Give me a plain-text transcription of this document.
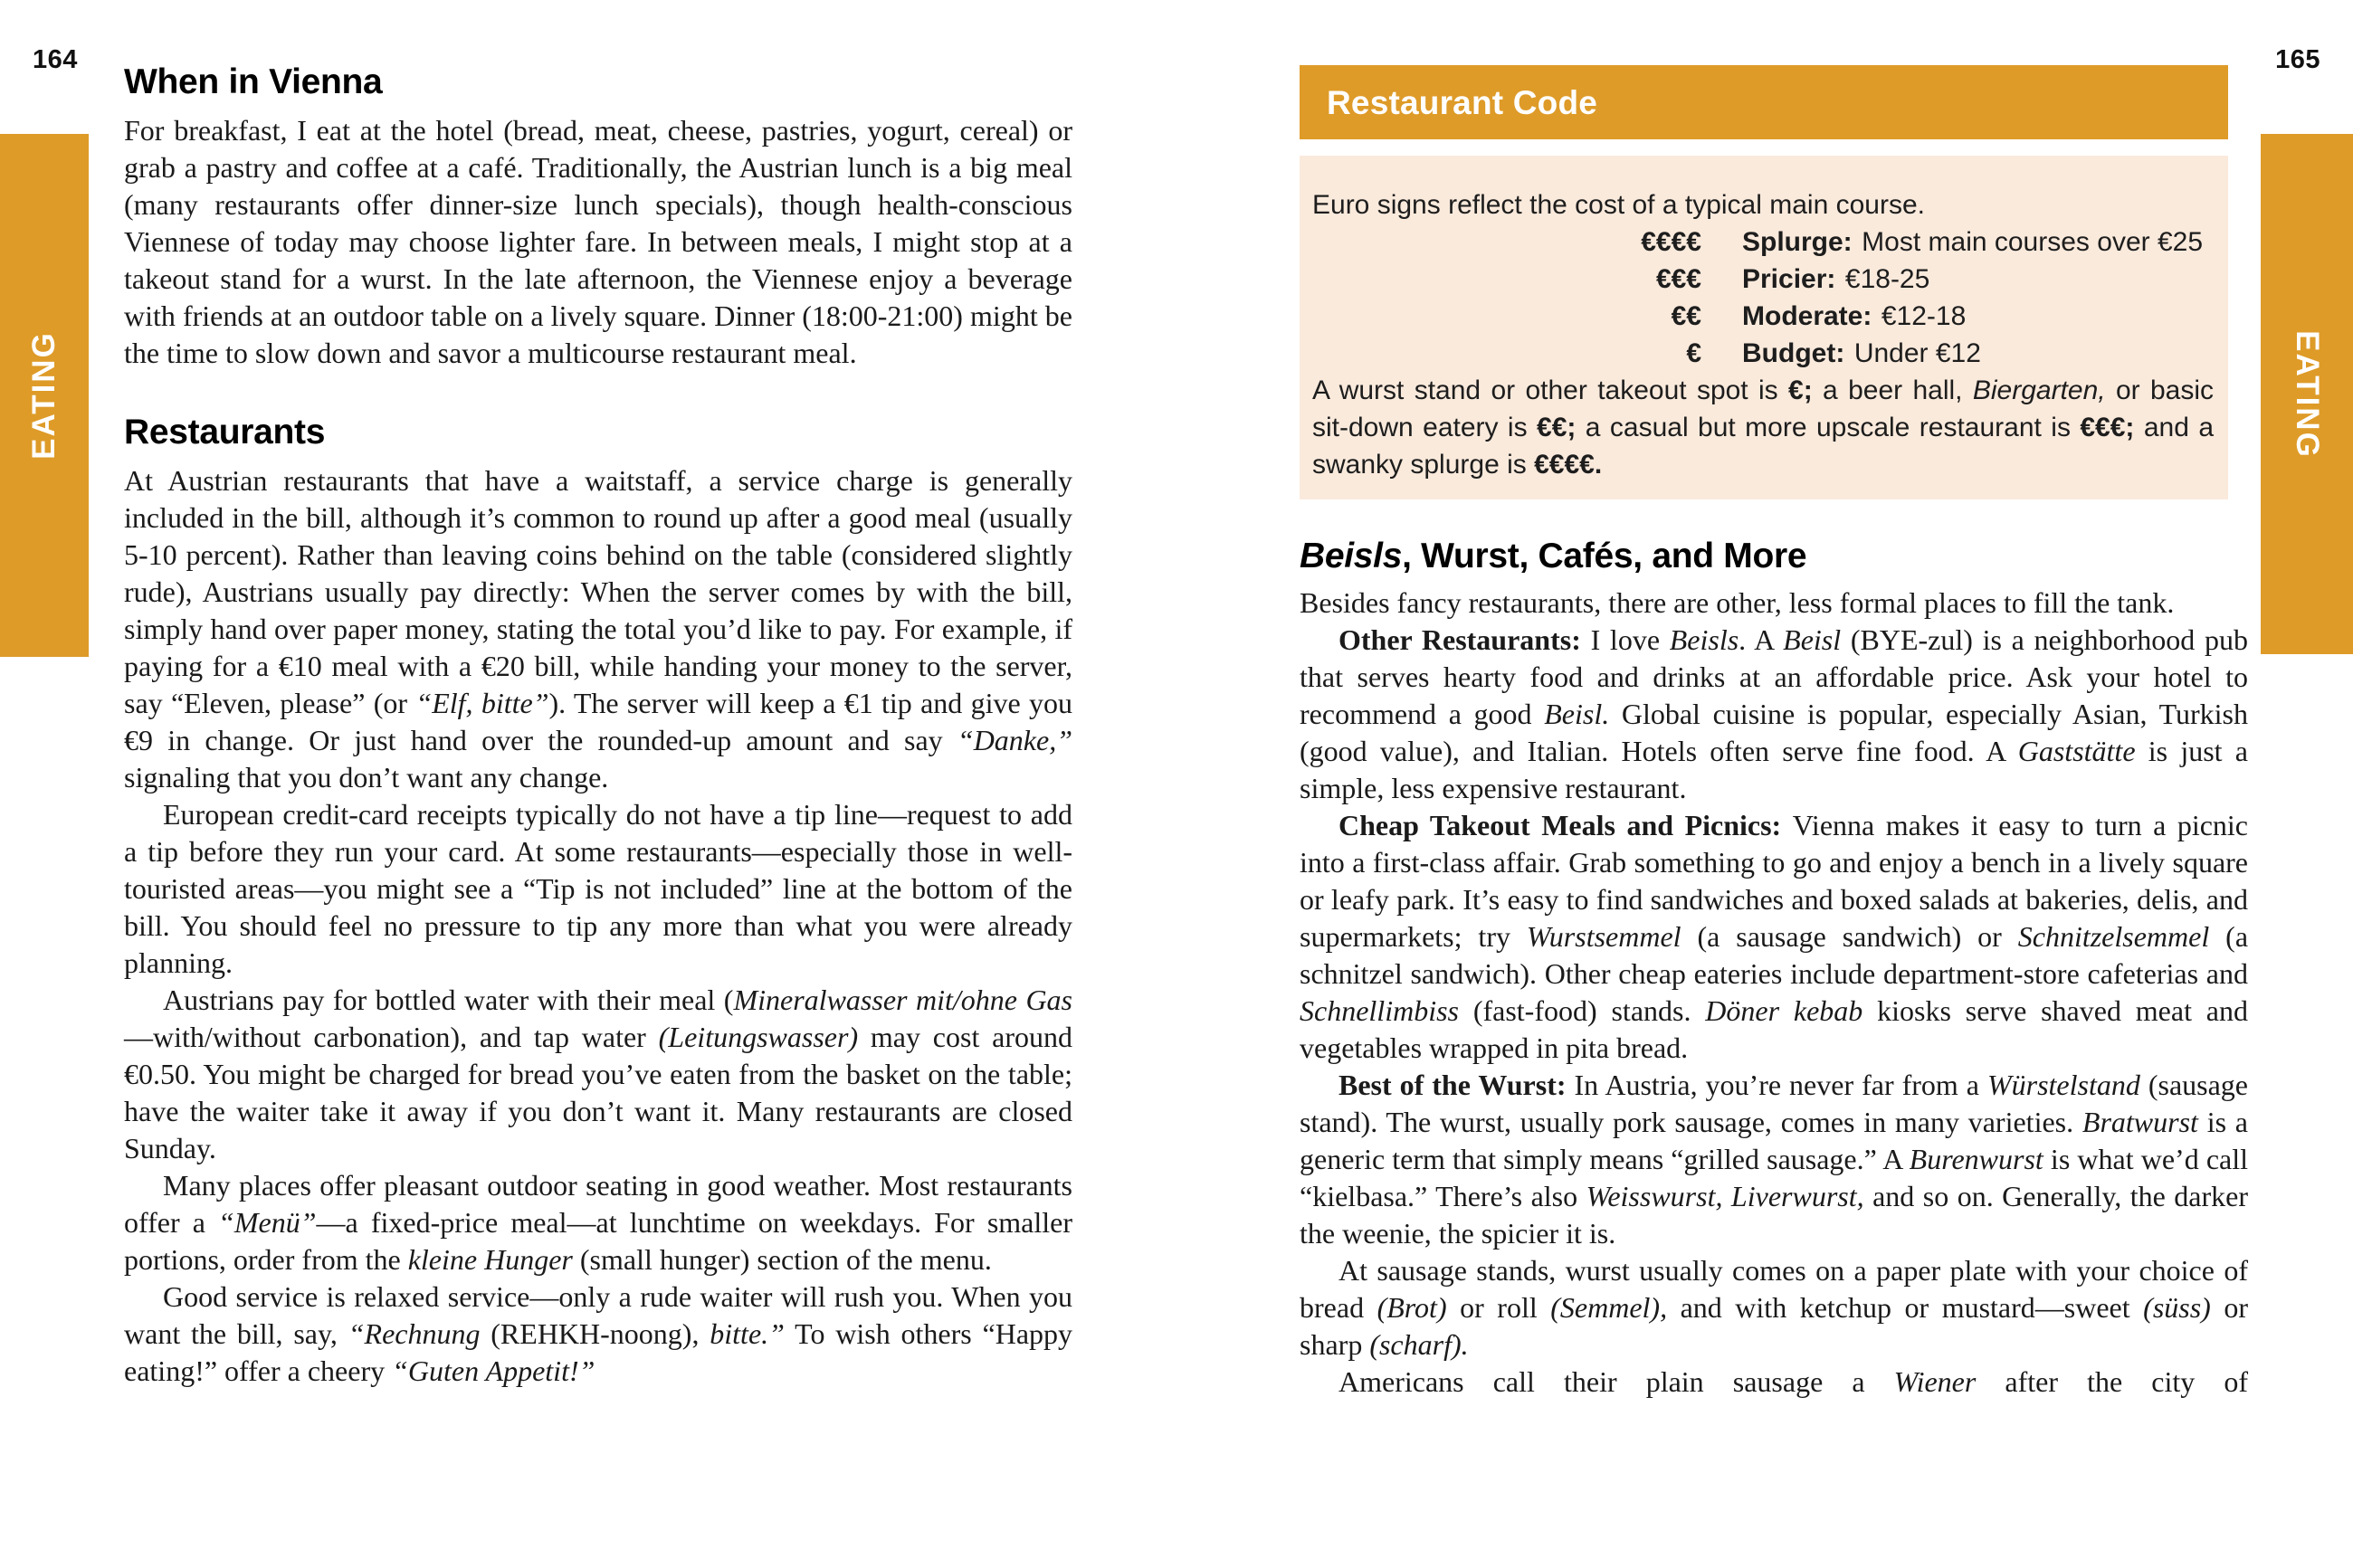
164	165
EATING	EATING
When in Vienna

For breakfast, I eat at the hotel (bread, meat, cheese, pastries, yogurt, cereal) or grab a pastry and coffee at a café. Traditionally, the Austrian lunch is a big meal (many restaurants offer dinner-size lunch specials), though health-conscious Viennese of today may choose lighter fare. In between meals, I might stop at a takeout stand for a wurst. In the late afternoon, the Viennese enjoy a beverage with friends at an outdoor table on a lively square. Dinner (18:00-21:00) might be the time to slow down and savor a multicourse restaurant meal.

Restaurants

At Austrian restaurants that have a waitstaff, a service charge is generally included in the bill, although it’s common to round up after a good meal (usually 5-10 percent). Rather than leaving coins behind on the table (considered slightly rude), Austrians usually pay directly: When the server comes by with the bill, simply hand over paper money, stating the total you’d like to pay. For example, if paying for a €10 meal with a €20 bill, while handing your money to the server, say “Eleven, please” (or “Elf, bitte”). The server will keep a €1 tip and give you €9 in change. Or just hand over the rounded-up amount and say “Danke,” signaling that you don’t want any change.

European credit-card receipts typically do not have a tip line—request to add a tip before they run your card. At some restaurants—especially those in well-touristed areas—you might see a “Tip is not included” line at the bottom of the bill. You should feel no pressure to tip any more than what you were already planning.

Austrians pay for bottled water with their meal (Mineralwasser mit/ohne Gas—with/without carbonation), and tap water (Leitungswasser) may cost around €0.50. You might be charged for bread you’ve eaten from the basket on the table; have the waiter take it away if you don’t want it. Many restaurants are closed Sunday.

Many places offer pleasant outdoor seating in good weather. Most restaurants offer a “Menü”—a fixed-price meal—at lunchtime on weekdays. For smaller portions, order from the kleine Hunger (small hunger) section of the menu.

Good service is relaxed service—only a rude waiter will rush you. When you want the bill, say, “Rechnung (REHKH-noong), bitte.” To wish others “Happy eating!” offer a cheery “Guten Appetit!”

Restaurant Code
Euro signs reflect the cost of a typical main course.
€€€€ Splurge: Most main courses over €25
€€€ Pricier: €18-25
€€ Moderate: €12-18
€ Budget: Under €12
A wurst stand or other takeout spot is €; a beer hall, Biergarten, or basic sit-down eatery is €€; a casual but more upscale restaurant is €€€; and a swanky splurge is €€€€.
Beisls, Wurst, Cafés, and More

Besides fancy restaurants, there are other, less formal places to fill the tank.

Other Restaurants: I love Beisls. A Beisl (BYE-zul) is a neighborhood pub that serves hearty food and drinks at an affordable price. Ask your hotel to recommend a good Beisl. Global cuisine is popular, especially Asian, Turkish (good value), and Italian. Hotels often serve fine food. A Gaststätte is just a simple, less expensive restaurant.

Cheap Takeout Meals and Picnics: Vienna makes it easy to turn a picnic into a first-class affair. Grab something to go and enjoy a bench in a lively square or leafy park. It’s easy to find sandwiches and boxed salads at bakeries, delis, and supermarkets; try Wurstsemmel (a sausage sandwich) or Schnitzelsemmel (a schnitzel sandwich). Other cheap eateries include department-store cafeterias and Schnellimbiss (fast-food) stands. Döner kebab kiosks serve shaved meat and vegetables wrapped in pita bread.

Best of the Wurst: In Austria, you’re never far from a Würstelstand (sausage stand). The wurst, usually pork sausage, comes in many varieties. Bratwurst is a generic term that simply means “grilled sausage.” A Burenwurst is what we’d call “kielbasa.” There’s also Weisswurst, Liverwurst, and so on. Generally, the darker the weenie, the spicier it is.

At sausage stands, wurst usually comes on a paper plate with your choice of bread (Brot) or roll (Semmel), and with ketchup or mustard—sweet (süss) or sharp (scharf).

Americans call their plain sausage a Wiener after the city of
